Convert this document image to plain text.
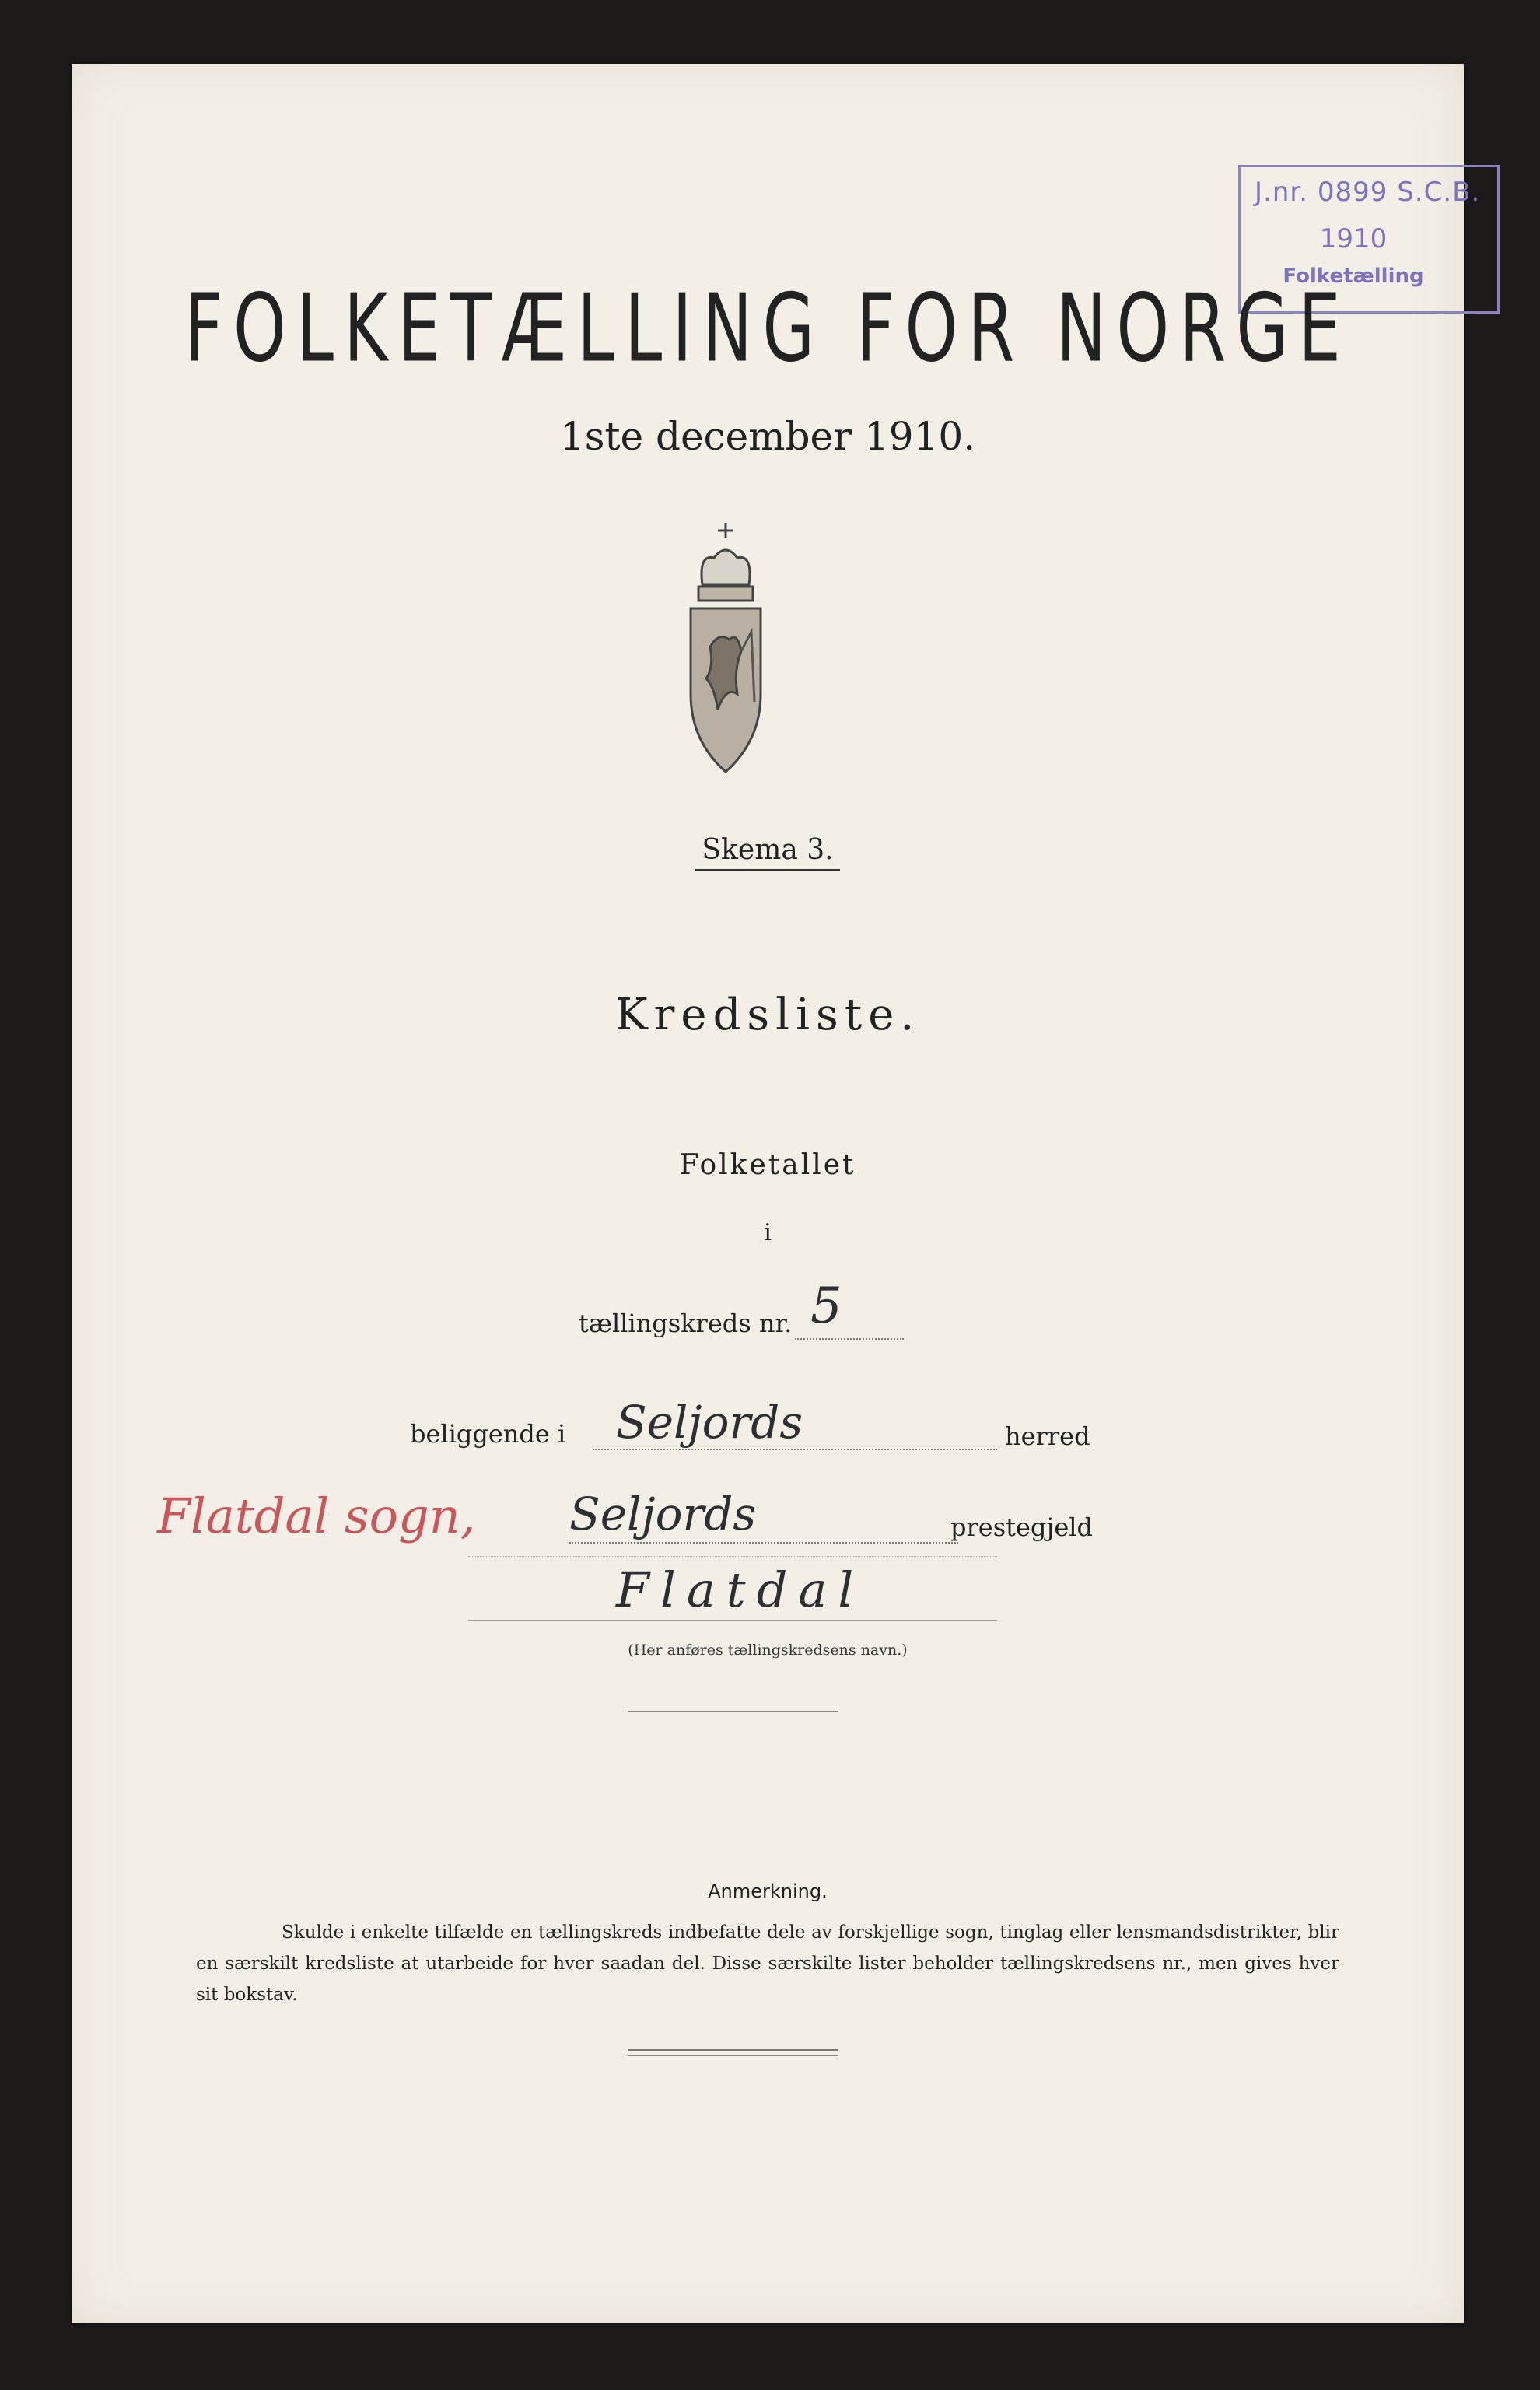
J.nr. 0899 S.C.B.
1910
Folketælling
FOLKETÆLLING FOR NORGE
1ste december 1910.
Skema 3.
Kredsliste.
Folketallet
i
tællingskreds nr. 5
beliggende i Seljords	herred
Flatdal sogn, Seljords	prestegjeld
Flatdal
(Her anføres tællingskredsens navn.)
Anmerkning.
Skulde i enkelte tilfælde en tællingskreds indbefatte dele av forskjellige sogn, tinglag eller lensmandsdistrikter, blir en særskilt kredsliste at utarbeide for hver saadan del. Disse særskilte lister beholder tællingskredsens nr., men gives hver sit bokstav.
